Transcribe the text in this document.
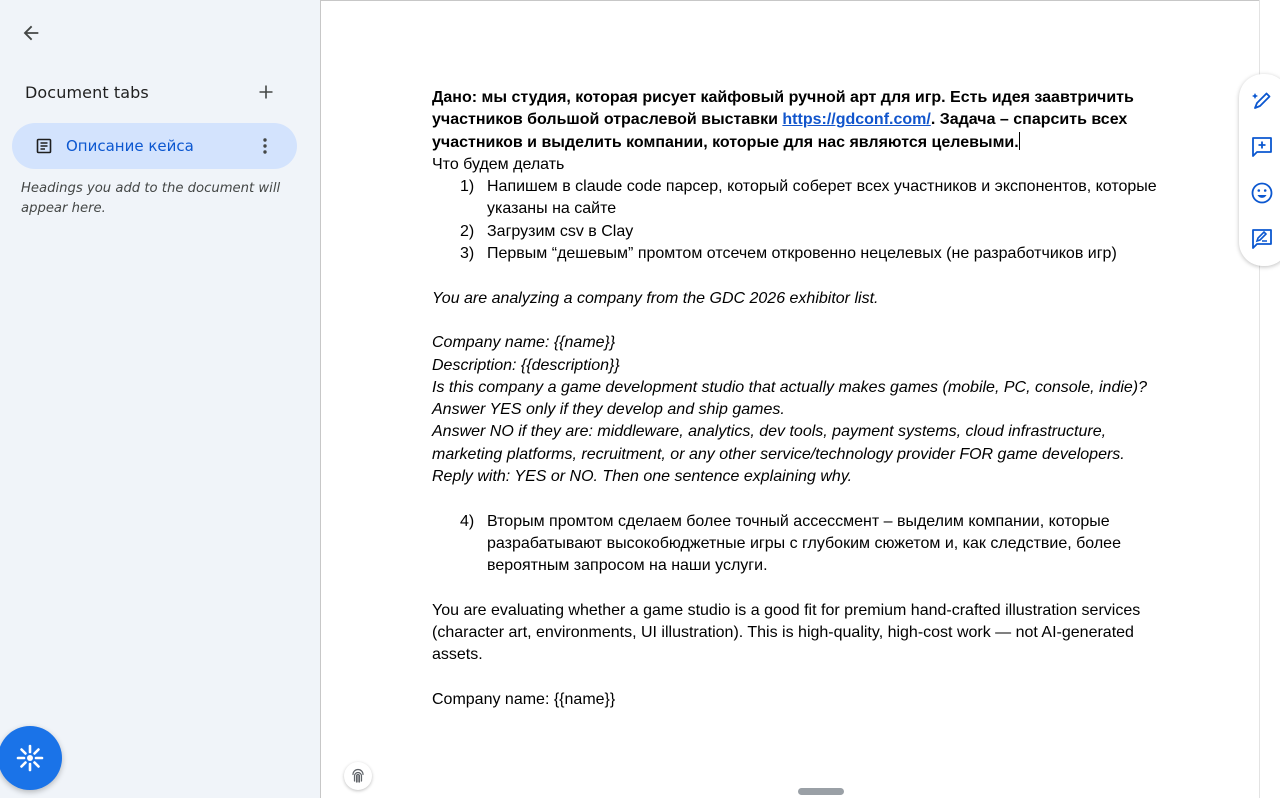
Document tabs
Описание кейса
Headings you add to the document will appear here.

Дано: мы студия, которая рисует кайфовый ручной арт для игр. Есть идея заавтричить участников большой отраслевой выставки https://gdconf.com/. Задача – спарсить всех участников и выделить компании, которые для нас являются целевыми.

Что будем делать

1) Напишем в claude code парсер, который соберет всех участников и экспонентов, которые указаны на сайте
2) Загрузим csv в Clay
3) Первым “дешевым” промтом отсечем откровенно нецелевых (не разработчиков игр)

You are analyzing a company from the GDC 2026 exhibitor list.

Company name: {{name}}

Description: {{description}}

Is this company a game development studio that actually makes games (mobile, PC, console, indie)?

Answer YES only if they develop and ship games.

Answer NO if they are: middleware, analytics, dev tools, payment systems, cloud infrastructure, marketing platforms, recruitment, or any other service/technology provider FOR game developers.

Reply with: YES or NO. Then one sentence explaining why.

4) Вторым промтом сделаем более точный ассессмент – выделим компании, которые разрабатывают высокобюджетные игры с глубоким сюжетом и, как следствие, более вероятным запросом на наши услуги.

You are evaluating whether a game studio is a good fit for premium hand-crafted illustration services (character art, environments, UI illustration). This is high-quality, high-cost work — not AI-generated assets.

Company name: {{name}}
